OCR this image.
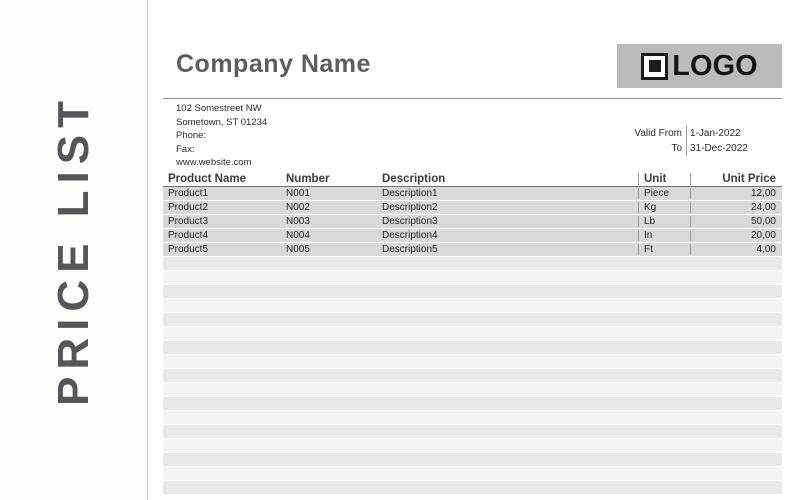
PRICE LIST
Company Name	LOGO
102 Somestreet NW
Sometown, ST 01234
Phone:
Fax:
www.website.com
Valid From 1-Jan-2022
To 31-Dec-2022
Product Name	Number	Description	Unit	Unit Price
Product1	N001	Description1	Piece	12,00
Product2	N002	Description2	Kg	24,00
Product3	N003	Description3	Lb	50,00
Product4	N004	Description4	In	20,00
Product5	N005	Description5	Ft	4,00
